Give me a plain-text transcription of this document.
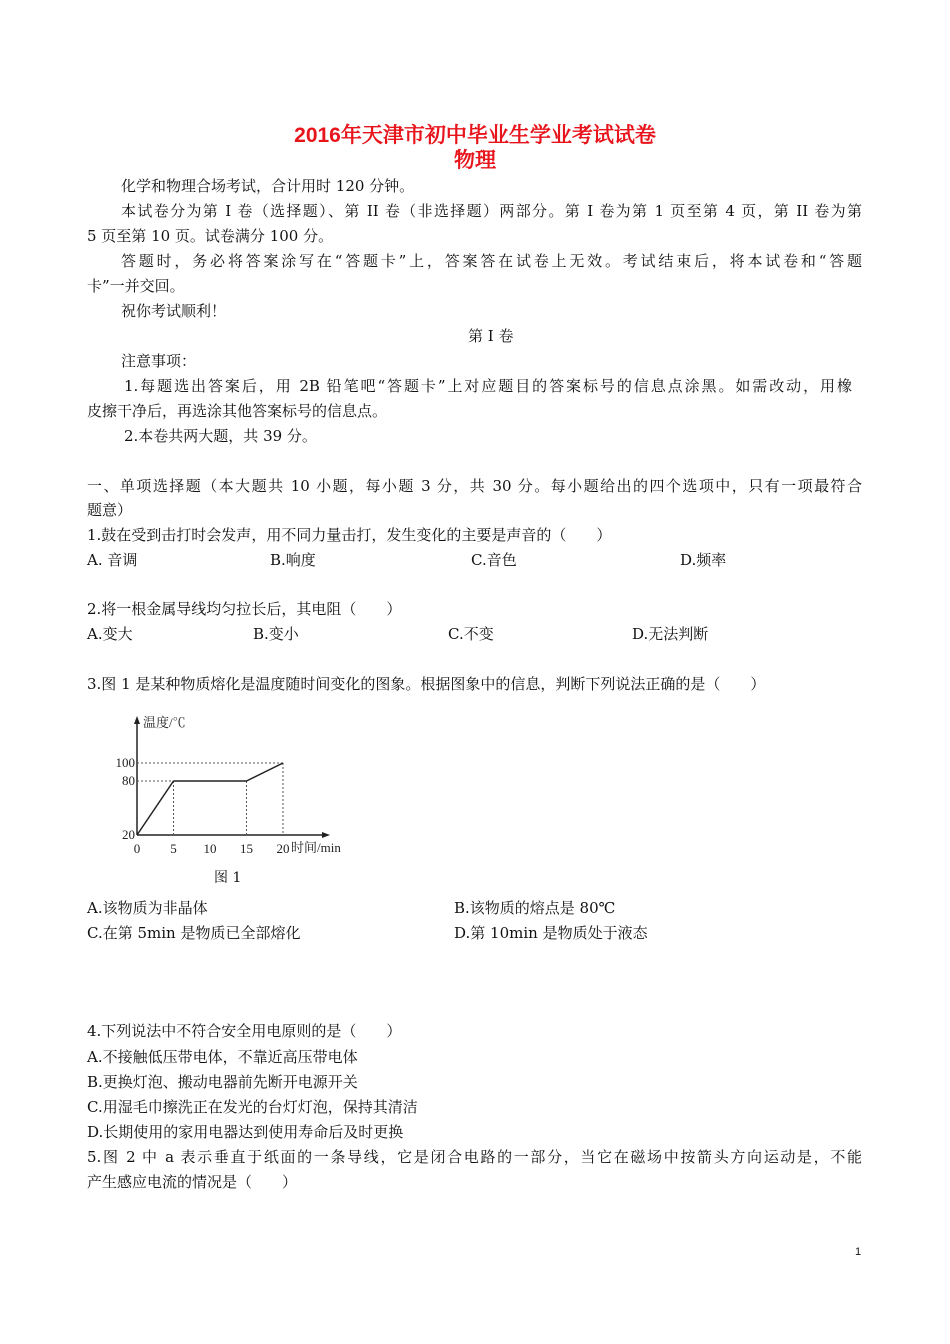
2016年天津市初中毕业生学业考试试卷
物理
化学和物理合场考试，合计用时 120 分钟。
本试卷分为第 I 卷（选择题）、第 II 卷（非选择题）两部分。第 I 卷为第 1 页至第 4 页，第 II 卷为第
5 页至第 10 页。试卷满分 100 分。
答题时，务必将答案涂写在“答题卡”上，答案答在试卷上无效。考试结束后，将本试卷和“答题
卡”一并交回。
祝你考试顺利！
第 I 卷
注意事项：
1.每题选出答案后，用 2B 铅笔吧“答题卡”上对应题目的答案标号的信息点涂黑。如需改动，用橡
皮擦干净后，再选涂其他答案标号的信息点。
2.本卷共两大题，共 39 分。
一、单项选择题（本大题共 10 小题，每小题 3 分，共 30 分。每小题给出的四个选项中，只有一项最符合
题意）
1.鼓在受到击打时会发声，用不同力量击打，发生变化的主要是声音的（　　）
A. 音调	B.响度	C.音色	D.频率
2.将一根金属导线均匀拉长后，其电阻（　　）
A.变大	B.变小	C.不变	D.无法判断
3.图 1 是某种物质熔化是温度随时间变化的图象。根据图象中的信息，判断下列说法正确的是（　　）
温度/℃
时间/min
0 5 10 15 20
20
80
100
图 1
A.该物质为非晶体	B.该物质的熔点是 80℃
C.在第 5min 是物质已全部熔化	D.第 10min 是物质处于液态
4.下列说法中不符合安全用电原则的是（　　）
A.不接触低压带电体，不靠近高压带电体
B.更换灯泡、搬动电器前先断开电源开关
C.用湿毛巾擦洗正在发光的台灯灯泡，保持其清洁
D.长期使用的家用电器达到使用寿命后及时更换
5.图 2 中 a 表示垂直于纸面的一条导线，它是闭合电路的一部分，当它在磁场中按箭头方向运动是，不能
产生感应电流的情况是（　　）
1
